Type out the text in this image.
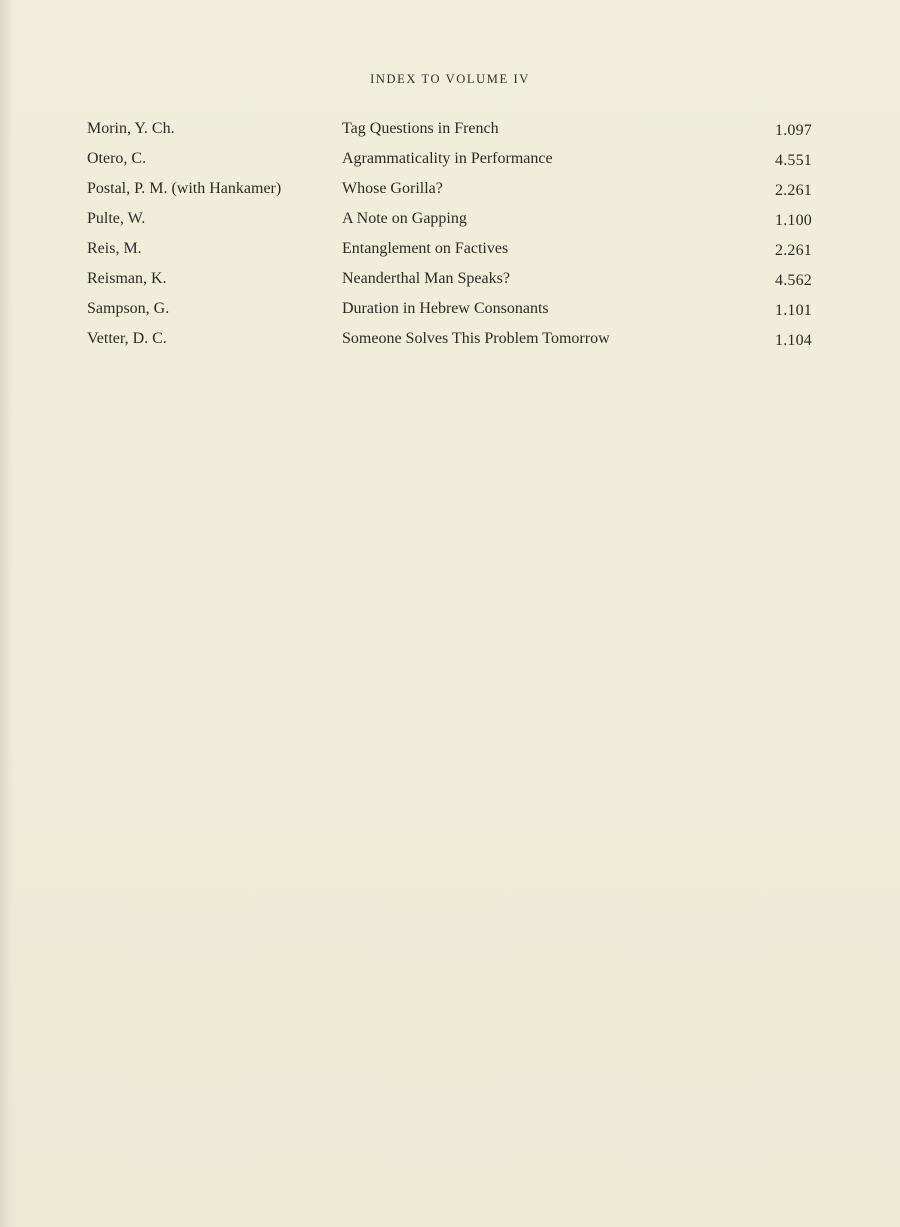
INDEX TO VOLUME IV
Morin, Y. Ch.	Tag Questions in French	1.097
Otero, C.	Agrammaticality in Performance	4.551
Postal, P. M. (with Hankamer)	Whose Gorilla?	2.261
Pulte, W.	A Note on Gapping	1.100
Reis, M.	Entanglement on Factives	2.261
Reisman, K.	Neanderthal Man Speaks?	4.562
Sampson, G.	Duration in Hebrew Consonants	1.101
Vetter, D. C.	Someone Solves This Problem Tomorrow	1.104
